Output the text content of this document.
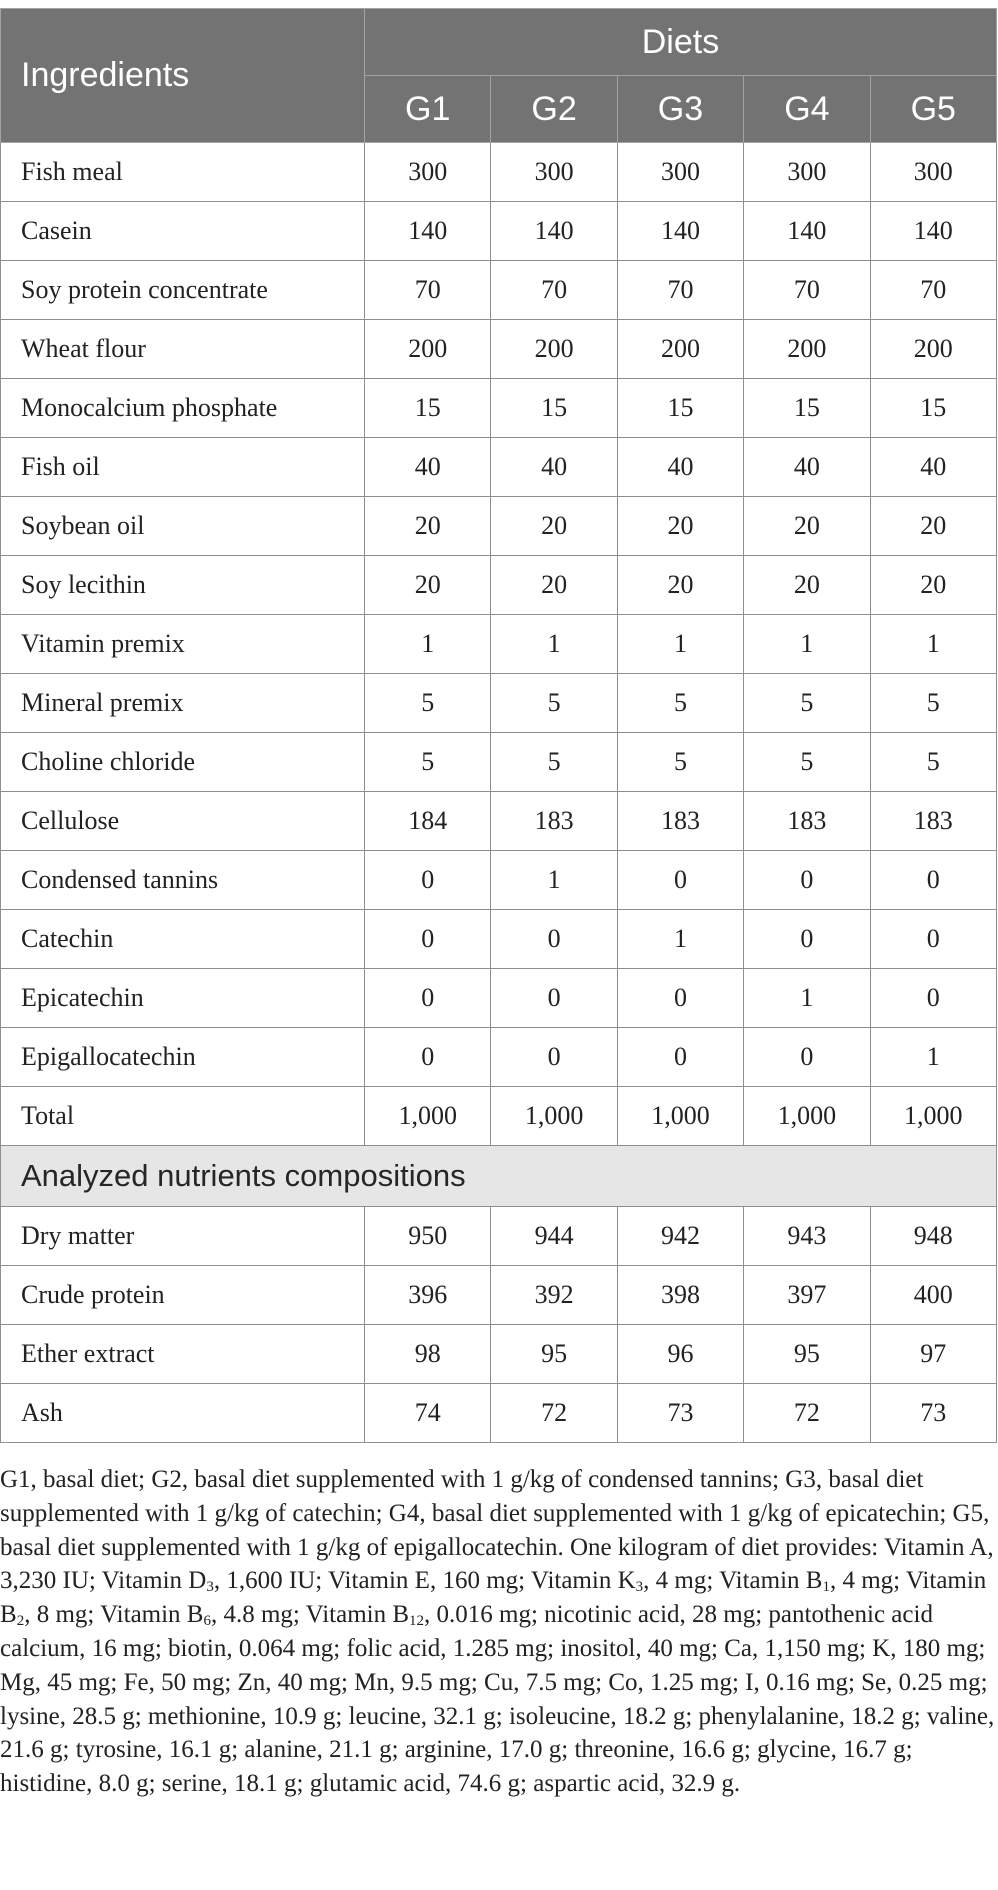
Ingredients	Diets				
	G1	G2	G3	G4	G5
Fish meal	300	300	300	300	300
Casein	140	140	140	140	140
Soy protein concentrate	70	70	70	70	70
Wheat flour	200	200	200	200	200
Monocalcium phosphate	15	15	15	15	15
Fish oil	40	40	40	40	40
Soybean oil	20	20	20	20	20
Soy lecithin	20	20	20	20	20
Vitamin premix	1	1	1	1	1
Mineral premix	5	5	5	5	5
Choline chloride	5	5	5	5	5
Cellulose	184	183	183	183	183
Condensed tannins	0	1	0	0	0
Catechin	0	0	1	0	0
Epicatechin	0	0	0	1	0
Epigallocatechin	0	0	0	0	1
Total	1,000	1,000	1,000	1,000	1,000
Analyzed nutrients compositions					
Dry matter	950	944	942	943	948
Crude protein	396	392	398	397	400
Ether extract	98	95	96	95	97
Ash	74	72	73	72	73

G1, basal diet; G2, basal diet supplemented with 1 g/kg of condensed tannins; G3, basal diet supplemented with 1 g/kg of catechin; G4, basal diet supplemented with 1 g/kg of epicatechin; G5, basal diet supplemented with 1 g/kg of epigallocatechin. One kilogram of diet provides: Vitamin A, 3,230 IU; Vitamin $D_3$, 1,600 IU; Vitamin E, 160 mg; Vitamin $K_3$, 4 mg; Vitamin $B_1$, 4 mg; Vitamin $B_2$, 8 mg; Vitamin $B_6$, 4.8 mg; Vitamin $B_{12}$, 0.016 mg; nicotinic acid, 28 mg; pantothenic acid calcium, 16 mg; biotin, 0.064 mg; folic acid, 1.285 mg; inositol, 40 mg; Ca, 1,150 mg; K, 180 mg; Mg, 45 mg; Fe, 50 mg; Zn, 40 mg; Mn, 9.5 mg; Cu, 7.5 mg; Co, 1.25 mg; I, 0.16 mg; Se, 0.25 mg; lysine, 28.5 g; methionine, 10.9 g; leucine, 32.1 g; isoleucine, 18.2 g; phenylalanine, 18.2 g; valine, 21.6 g; tyrosine, 16.1 g; alanine, 21.1 g; arginine, 17.0 g; threonine, 16.6 g; glycine, 16.7 g; histidine, 8.0 g; serine, 18.1 g; glutamic acid, 74.6 g; aspartic acid, 32.9 g.
